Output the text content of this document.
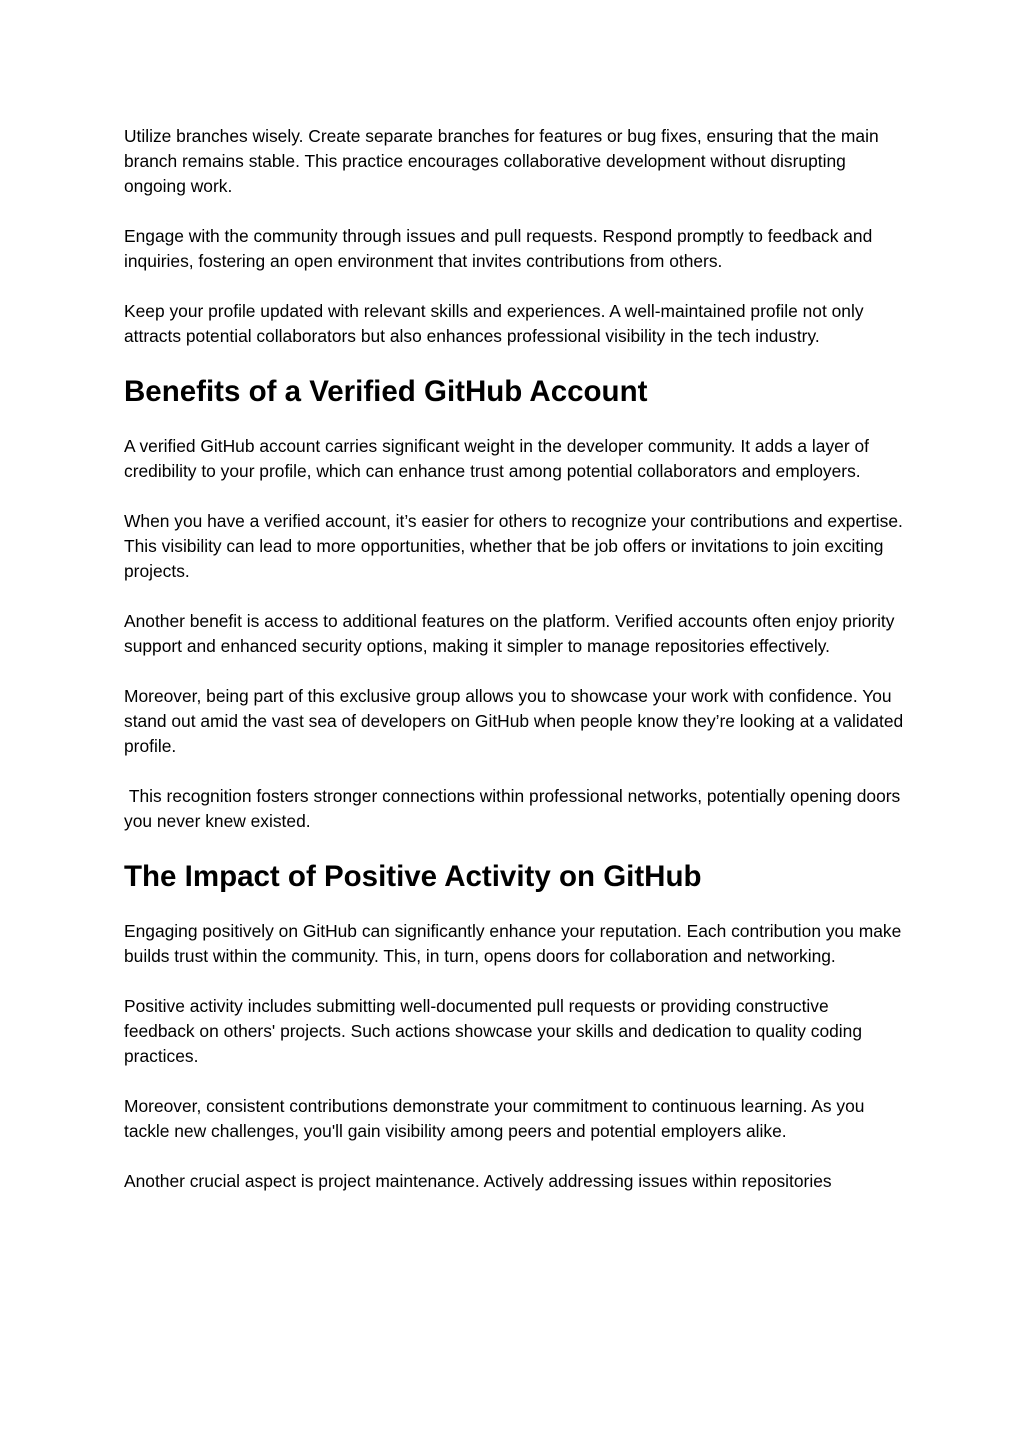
Utilize branches wisely. Create separate branches for features or bug fixes, ensuring that the main branch remains stable. This practice encourages collaborative development without disrupting ongoing work.

Engage with the community through issues and pull requests. Respond promptly to feedback and inquiries, fostering an open environment that invites contributions from others.

Keep your profile updated with relevant skills and experiences. A well-maintained profile not only attracts potential collaborators but also enhances professional visibility in the tech industry.

Benefits of a Verified GitHub Account

A verified GitHub account carries significant weight in the developer community. It adds a layer of credibility to your profile, which can enhance trust among potential collaborators and employers.

When you have a verified account, it’s easier for others to recognize your contributions and expertise. This visibility can lead to more opportunities, whether that be job offers or invitations to join exciting projects.

Another benefit is access to additional features on the platform. Verified accounts often enjoy priority support and enhanced security options, making it simpler to manage repositories effectively.

Moreover, being part of this exclusive group allows you to showcase your work with confidence. You stand out amid the vast sea of developers on GitHub when people know they’re looking at a validated profile.

This recognition fosters stronger connections within professional networks, potentially opening doors you never knew existed.

The Impact of Positive Activity on GitHub

Engaging positively on GitHub can significantly enhance your reputation. Each contribution you make builds trust within the community. This, in turn, opens doors for collaboration and networking.

Positive activity includes submitting well-documented pull requests or providing constructive feedback on others' projects. Such actions showcase your skills and dedication to quality coding practices.

Moreover, consistent contributions demonstrate your commitment to continuous learning. As you tackle new challenges, you'll gain visibility among peers and potential employers alike.

Another crucial aspect is project maintenance. Actively addressing issues within repositories
